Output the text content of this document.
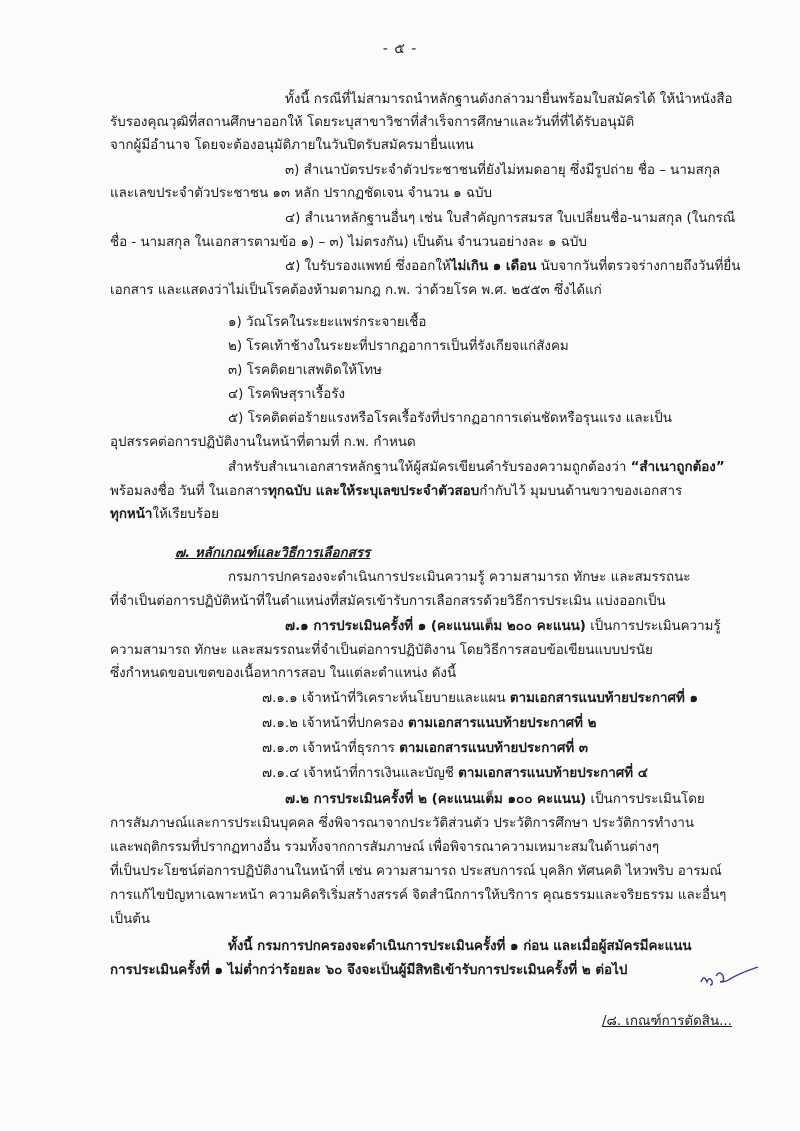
- ๕ -
ทั้งนี้ กรณีที่ไม่สามารถนำหลักฐานดังกล่าวมายื่นพร้อมใบสมัครได้ ให้นำหนังสือ
รับรองคุณวุฒิที่สถานศึกษาออกให้ โดยระบุสาขาวิชาที่สำเร็จการศึกษาและวันที่ที่ได้รับอนุมัติ
จากผู้มีอำนาจ โดยจะต้องอนุมัติภายในวันปิดรับสมัครมายื่นแทน
๓) สำเนาบัตรประจำตัวประชาชนที่ยังไม่หมดอายุ ซึ่งมีรูปถ่าย ชื่อ – นามสกุล
และเลขประจำตัวประชาชน ๑๓ หลัก ปรากฏชัดเจน จำนวน ๑ ฉบับ
๔) สำเนาหลักฐานอื่นๆ เช่น ใบสำคัญการสมรส ใบเปลี่ยนชื่อ-นามสกุล (ในกรณี
ชื่อ - นามสกุล ในเอกสารตามข้อ ๑) – ๓) ไม่ตรงกัน) เป็นต้น จำนวนอย่างละ ๑ ฉบับ
๕) ใบรับรองแพทย์ ซึ่งออกให้ไม่เกิน ๑ เดือน นับจากวันที่ตรวจร่างกายถึงวันที่ยื่น
เอกสาร และแสดงว่าไม่เป็นโรคต้องห้ามตามกฎ ก.พ. ว่าด้วยโรค พ.ศ. ๒๕๕๓ ซึ่งได้แก่
๑) วัณโรคในระยะแพร่กระจายเชื้อ
๒) โรคเท้าช้างในระยะที่ปรากฏอาการเป็นที่รังเกียจแก่สังคม
๓) โรคติดยาเสพติดให้โทษ
๔) โรคพิษสุราเรื้อรัง
๕) โรคติดต่อร้ายแรงหรือโรคเรื้อรังที่ปรากฏอาการเด่นชัดหรือรุนแรง และเป็น
อุปสรรคต่อการปฏิบัติงานในหน้าที่ตามที่ ก.พ. กำหนด
สำหรับสำเนาเอกสารหลักฐานให้ผู้สมัครเขียนคำรับรองความถูกต้องว่า “สำเนาถูกต้อง”
พร้อมลงชื่อ วันที่ ในเอกสารทุกฉบับ และให้ระบุเลขประจำตัวสอบกำกับไว้ มุมบนด้านขวาของเอกสาร
ทุกหน้าให้เรียบร้อย
๗. หลักเกณฑ์และวิธีการเลือกสรร
กรมการปกครองจะดำเนินการประเมินความรู้ ความสามารถ ทักษะ และสมรรถนะ
ที่จำเป็นต่อการปฏิบัติหน้าที่ในตำแหน่งที่สมัครเข้ารับการเลือกสรรด้วยวิธีการประเมิน แบ่งออกเป็น
๗.๑ การประเมินครั้งที่ ๑ (คะแนนเต็ม ๒๐๐ คะแนน) เป็นการประเมินความรู้
ความสามารถ ทักษะ และสมรรถนะที่จำเป็นต่อการปฏิบัติงาน โดยวิธีการสอบข้อเขียนแบบปรนัย
ซึ่งกำหนดขอบเขตของเนื้อหาการสอบ ในแต่ละตำแหน่ง ดังนี้
๗.๑.๑ เจ้าหน้าที่วิเคราะห์นโยบายและแผน ตามเอกสารแนบท้ายประกาศที่ ๑
๗.๑.๒ เจ้าหน้าที่ปกครอง ตามเอกสารแนบท้ายประกาศที่ ๒
๗.๑.๓ เจ้าหน้าที่ธุรการ ตามเอกสารแนบท้ายประกาศที่ ๓
๗.๑.๔ เจ้าหน้าที่การเงินและบัญชี ตามเอกสารแนบท้ายประกาศที่ ๔
๗.๒ การประเมินครั้งที่ ๒ (คะแนนเต็ม ๑๐๐ คะแนน) เป็นการประเมินโดย
การสัมภาษณ์และการประเมินบุคคล ซึ่งพิจารณาจากประวัติส่วนตัว ประวัติการศึกษา ประวัติการทำงาน
และพฤติกรรมที่ปรากฏทางอื่น รวมทั้งจากการสัมภาษณ์ เพื่อพิจารณาความเหมาะสมในด้านต่างๆ
ที่เป็นประโยชน์ต่อการปฏิบัติงานในหน้าที่ เช่น ความสามารถ ประสบการณ์ บุคลิก ทัศนคติ ไหวพริบ อารมณ์
การแก้ไขปัญหาเฉพาะหน้า ความคิดริเริ่มสร้างสรรค์ จิตสำนึกการให้บริการ คุณธรรมและจริยธรรม และอื่นๆ
เป็นต้น
ทั้งนี้ กรมการปกครองจะดำเนินการประเมินครั้งที่ ๑ ก่อน และเมื่อผู้สมัครมีคะแนน
การประเมินครั้งที่ ๑ ไม่ต่ำกว่าร้อยละ ๖๐ จึงจะเป็นผู้มีสิทธิเข้ารับการประเมินครั้งที่ ๒ ต่อไป
/๘. เกณฑ์การตัดสิน...
